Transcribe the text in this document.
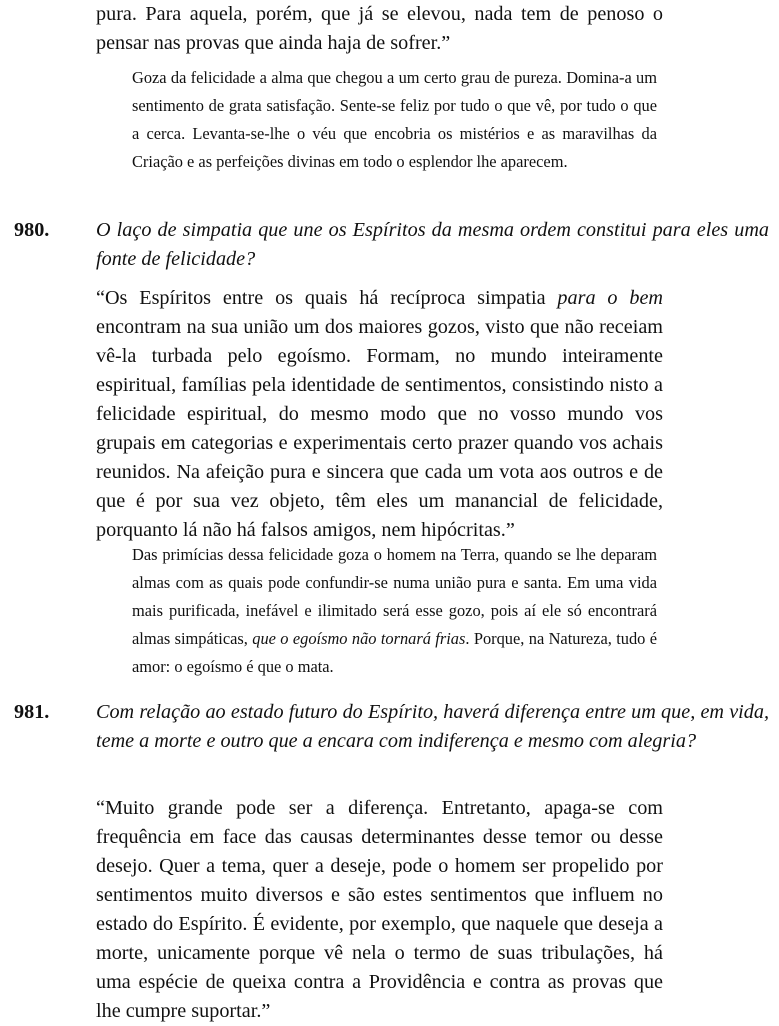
pura. Para aquela, porém, que já se elevou, nada tem de penoso o pensar nas provas que ainda haja de sofrer.”

Goza da felicidade a alma que chegou a um certo grau de pureza. Domina-a um sentimento de grata satisfação. Sente-se feliz por tudo o que vê, por tudo o que a cerca. Levanta-se-lhe o véu que encobria os mistérios e as maravilhas da Criação e as perfeições divinas em todo o esplendor lhe aparecem.

980. O laço de simpatia que une os Espíritos da mesma ordem constitui para eles uma fonte de felicidade?

“Os Espíritos entre os quais há recíproca simpatia para o bem encontram na sua união um dos maiores gozos, visto que não receiam vê-la turbada pelo egoísmo. Formam, no mundo inteiramente espiritual, famílias pela identidade de sentimentos, consistindo nisto a felicidade espiritual, do mesmo modo que no vosso mundo vos grupais em categorias e experimentais certo prazer quando vos achais reunidos. Na afeição pura e sincera que cada um vota aos outros e de que é por sua vez objeto, têm eles um manancial de felicidade, porquanto lá não há falsos amigos, nem hipócritas.”

Das primícias dessa felicidade goza o homem na Terra, quando se lhe deparam almas com as quais pode confundir-se numa união pura e santa. Em uma vida mais purificada, inefável e ilimitado será esse gozo, pois aí ele só encontrará almas simpáticas, que o egoísmo não tornará frias. Porque, na Natureza, tudo é amor: o egoísmo é que o mata.

981. Com relação ao estado futuro do Espírito, haverá diferença entre um que, em vida, teme a morte e outro que a encara com indiferença e mesmo com alegria?

“Muito grande pode ser a diferença. Entretanto, apaga-se com frequência em face das causas determinantes desse temor ou desse desejo. Quer a tema, quer a deseje, pode o homem ser propelido por sentimentos muito diversos e são estes sentimentos que influem no estado do Espírito. É evidente, por exemplo, que naquele que deseja a morte, unicamente porque vê nela o termo de suas tribulações, há uma espécie de queixa contra a Providência e contra as provas que lhe cumpre suportar.”
